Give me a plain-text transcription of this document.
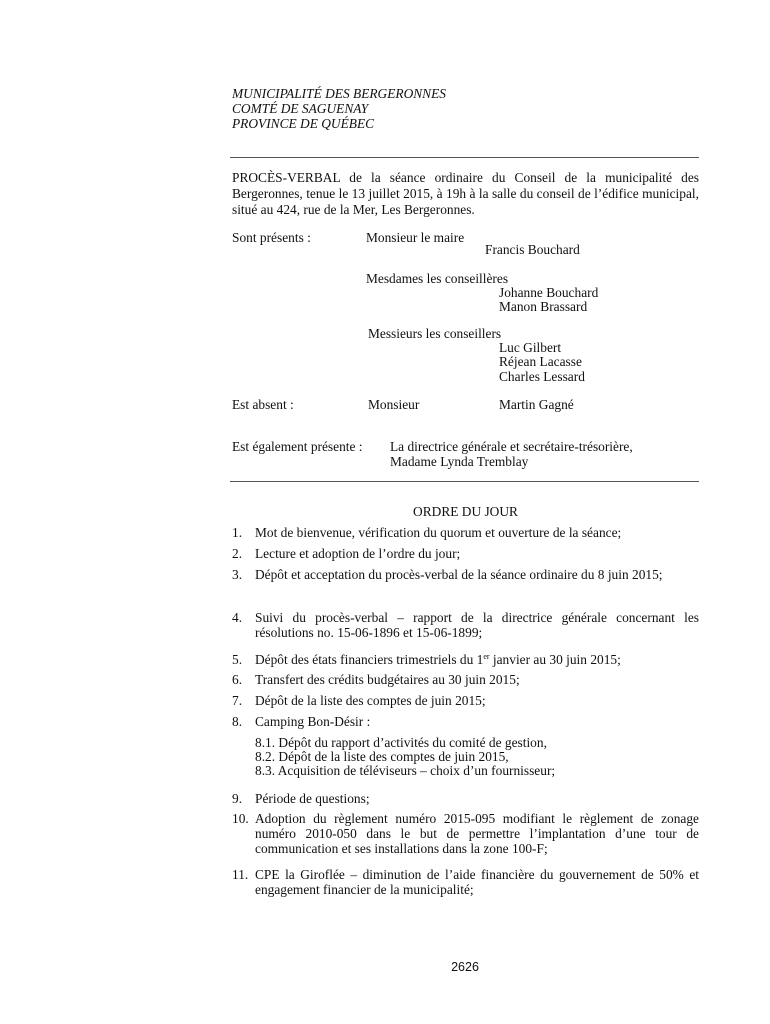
MUNICIPALITÉ DES BERGERONNES
COMTÉ DE SAGUENAY
PROVINCE DE QUÉBEC
PROCÈS-VERBAL de la séance ordinaire du Conseil de la municipalité des Bergeronnes, tenue le 13 juillet 2015, à 19h à la salle du conseil de l’édifice municipal, situé au 424, rue de la Mer, Les Bergeronnes.
Sont présents :	Monsieur le maire
Francis Bouchard
Mesdames les conseillères
Johanne Bouchard
Manon Brassard
Messieurs les conseillers
Luc Gilbert
Réjean Lacasse
Charles Lessard
Est absent :	Monsieur	Martin Gagné
Est également présente : La directrice générale et secrétaire-trésorière,
Madame Lynda Tremblay
ORDRE DU JOUR
1. Mot de bienvenue, vérification du quorum et ouverture de la séance;
2. Lecture et adoption de l’ordre du jour;
3. Dépôt et acceptation du procès-verbal de la séance ordinaire du 8 juin 2015;
4. Suivi du procès-verbal – rapport de la directrice générale concernant les résolutions no. 15-06-1896 et 15-06-1899;
5. Dépôt des états financiers trimestriels du 1er janvier au 30 juin 2015;
6. Transfert des crédits budgétaires au 30 juin 2015;
7. Dépôt de la liste des comptes de juin 2015;
8. Camping Bon-Désir :
8.1. Dépôt du rapport d’activités du comité de gestion,
8.2. Dépôt de la liste des comptes de juin 2015,
8.3. Acquisition de téléviseurs – choix d’un fournisseur;
9. Période de questions;
10. Adoption du règlement numéro 2015-095 modifiant le règlement de zonage numéro 2010-050 dans le but de permettre l’implantation d’une tour de communication et ses installations dans la zone 100-F;
11. CPE la Giroflée – diminution de l’aide financière du gouvernement de 50% et engagement financier de la municipalité;
2626
